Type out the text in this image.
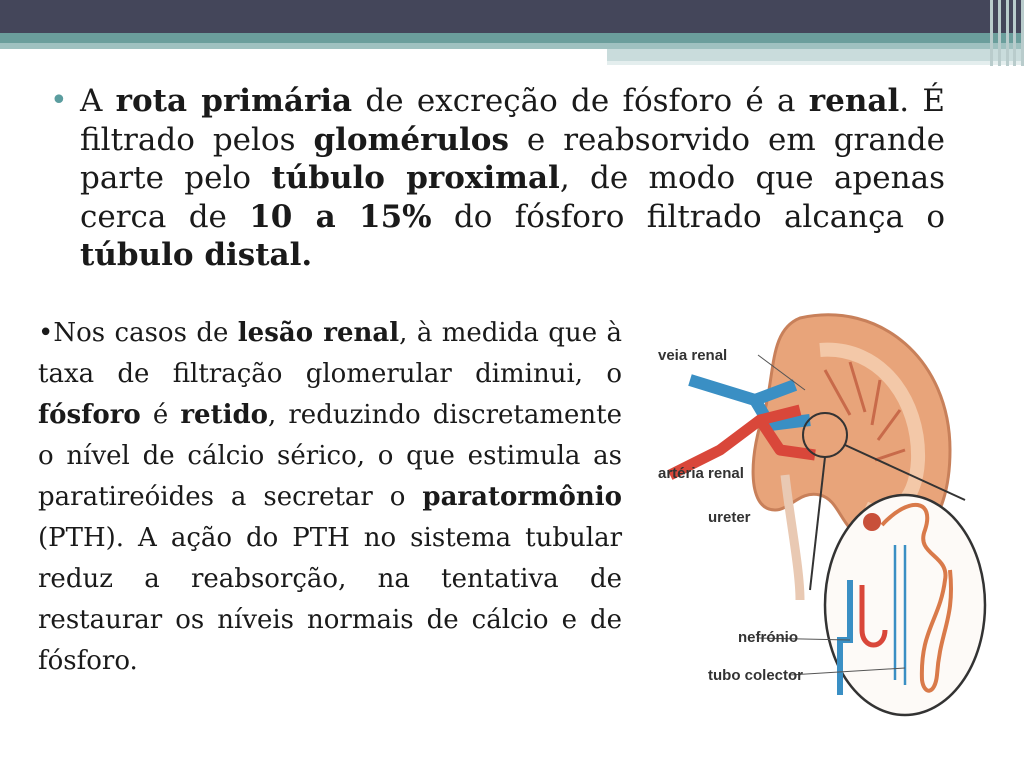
• A rota primária de excreção de fósforo é a renal. É filtrado pelos glomérulos e reabsorvido em grande parte pelo túbulo proximal, de modo que apenas cerca de 10 a 15% do fósforo filtrado alcança o túbulo distal.
•Nos casos de lesão renal, à medida que à taxa de filtração glomerular diminui, o fósforo é retido, reduzindo discretamente o nível de cálcio sérico, o que estimula as paratireóides a secretar o paratormônio (PTH). A ação do PTH no sistema tubular reduz a reabsorção, na tentativa de restaurar os níveis normais de cálcio e de fósforo.
veia renal
artéria renal
ureter
nefrónio
tubo colector
